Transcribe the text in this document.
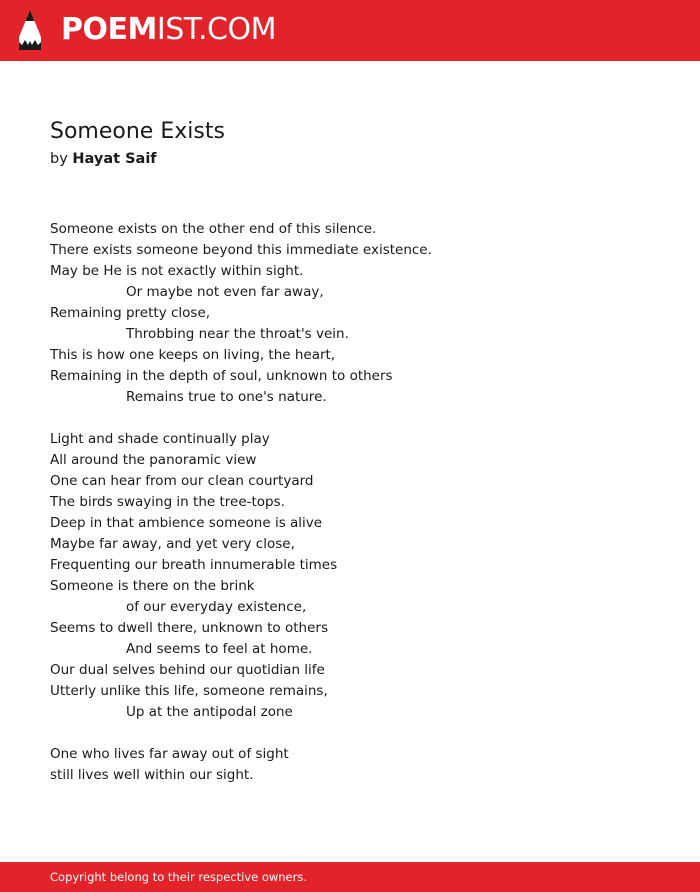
POEMIST.COM
Someone Exists
by Hayat Saif
Someone exists on the other end of this silence.
There exists someone beyond this immediate existence.
May be He is not exactly within sight.
Or maybe not even far away,
Remaining pretty close,
Throbbing near the throat's vein.
This is how one keeps on living, the heart,
Remaining in the depth of soul, unknown to others
Remains true to one's nature.
Light and shade continually play
All around the panoramic view
One can hear from our clean courtyard
The birds swaying in the tree-tops.
Deep in that ambience someone is alive
Maybe far away, and yet very close,
Frequenting our breath innumerable times
Someone is there on the brink
of our everyday existence,
Seems to dwell there, unknown to others
And seems to feel at home.
Our dual selves behind our quotidian life
Utterly unlike this life, someone remains,
Up at the antipodal zone
One who lives far away out of sight
still lives well within our sight.
Copyright belong to their respective owners.
